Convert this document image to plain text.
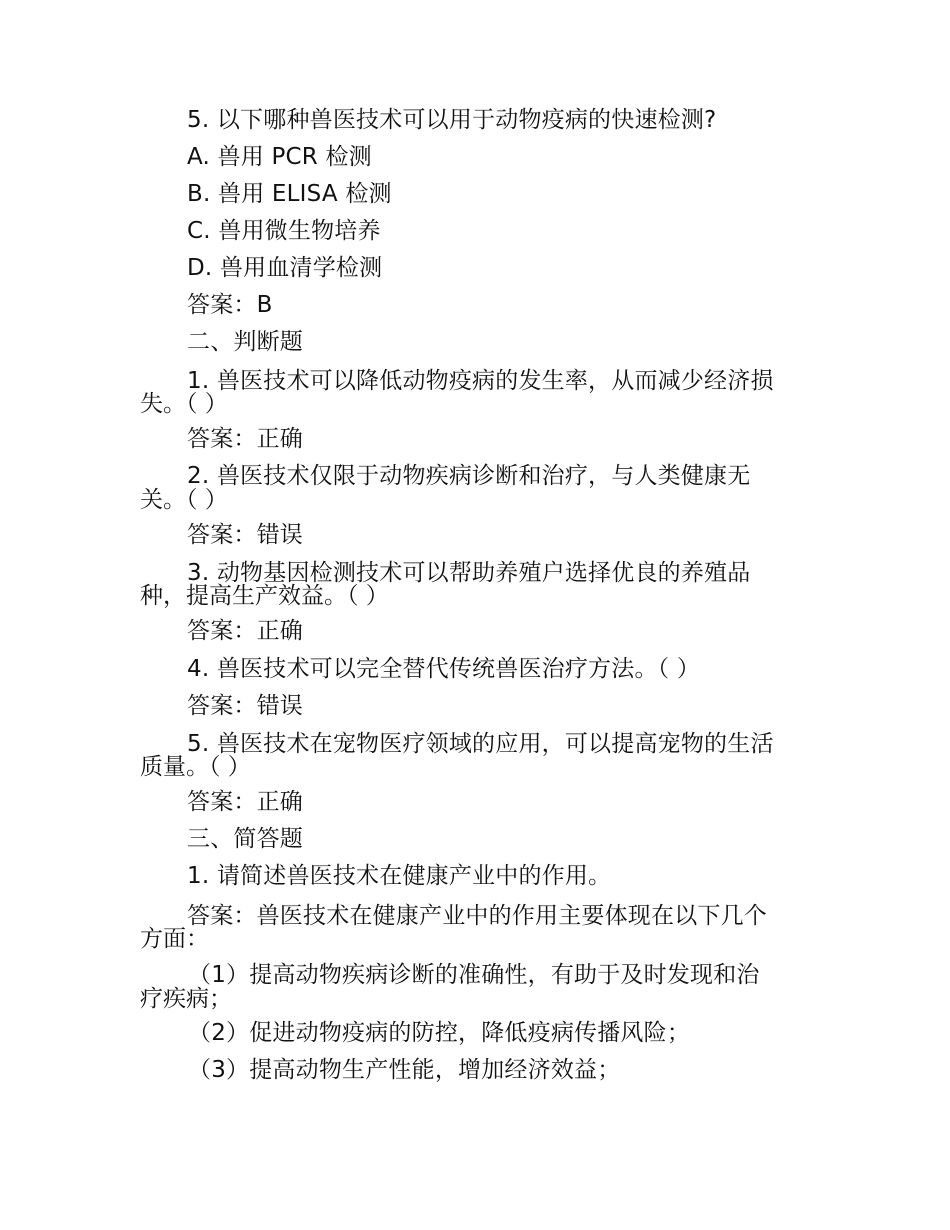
5. 以下哪种兽医技术可以用于动物疫病的快速检测?
A. 兽用 PCR 检测
B. 兽用 ELISA 检测
C. 兽用微生物培养
D. 兽用血清学检测
答案：B
二、判断题
1. 兽医技术可以降低动物疫病的发生率，从而减少经济损
失。（ ）
答案：正确
2. 兽医技术仅限于动物疾病诊断和治疗，与人类健康无
关。（ ）
答案：错误
3. 动物基因检测技术可以帮助养殖户选择优良的养殖品
种，提高生产效益。（ ）
答案：正确
4. 兽医技术可以完全替代传统兽医治疗方法。（ ）
答案：错误
5. 兽医技术在宠物医疗领域的应用，可以提高宠物的生活
质量。（ ）
答案：正确
三、简答题
1. 请简述兽医技术在健康产业中的作用。
答案：兽医技术在健康产业中的作用主要体现在以下几个
方面：
（1）提高动物疾病诊断的准确性，有助于及时发现和治
疗疾病；
（2）促进动物疫病的防控，降低疫病传播风险；
（3）提高动物生产性能，增加经济效益；
